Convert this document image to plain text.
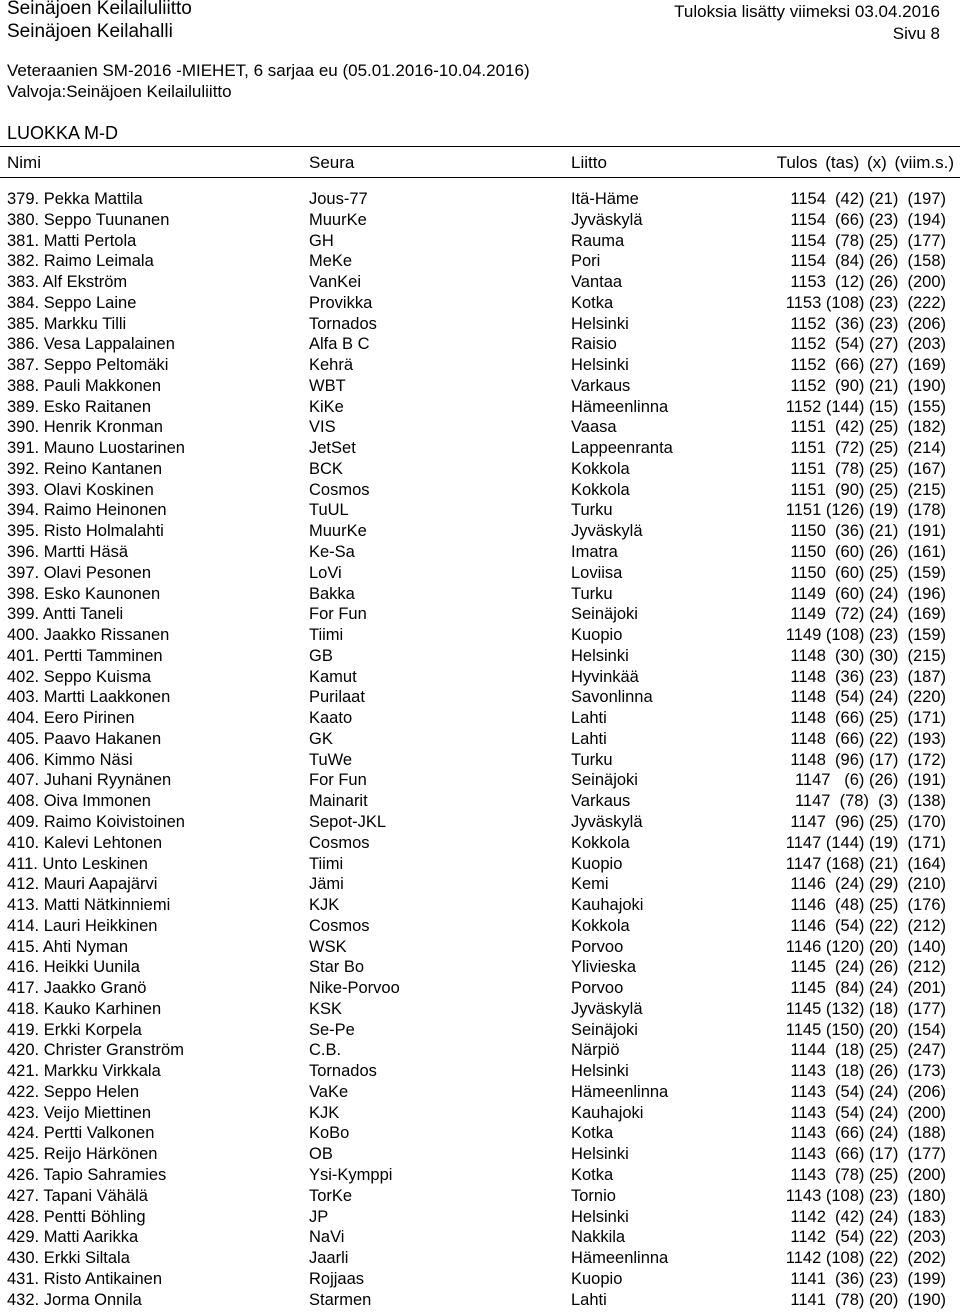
Seinäjoen Keilailuliitto
Seinäjoen Keilahalli
Tuloksia lisätty viimeksi 03.04.2016
Sivu 8
Veteraanien SM-2016 -MIEHET, 6 sarjaa eu (05.01.2016-10.04.2016)
Valvoja:Seinäjoen Keilailuliitto
LUOKKA M-D
Nimi	Seura	Liitto	Tulos (tas) (x) (viim.s.)
379. Pekka Mattila	Jous-77	Itä-Häme	1154  (42) (21)  (197)
380. Seppo Tuunanen	MuurKe	Jyväskylä	1154  (66) (23)  (194)
381. Matti Pertola	GH	Rauma	1154  (78) (25)  (177)
382. Raimo Leimala	MeKe	Pori	1154  (84) (26)  (158)
383. Alf Ekström	VanKei	Vantaa	1153  (12) (26)  (200)
384. Seppo Laine	Provikka	Kotka	1153 (108) (23)  (222)
385. Markku Tilli	Tornados	Helsinki	1152  (36) (23)  (206)
386. Vesa Lappalainen	Alfa B C	Raisio	1152  (54) (27)  (203)
387. Seppo Peltomäki	Kehrä	Helsinki	1152  (66) (27)  (169)
388. Pauli Makkonen	WBT	Varkaus	1152  (90) (21)  (190)
389. Esko Raitanen	KiKe	Hämeenlinna	1152 (144) (15)  (155)
390. Henrik Kronman	VIS	Vaasa	1151  (42) (25)  (182)
391. Mauno Luostarinen	JetSet	Lappeenranta	1151  (72) (25)  (214)
392. Reino Kantanen	BCK	Kokkola	1151  (78) (25)  (167)
393. Olavi Koskinen	Cosmos	Kokkola	1151  (90) (25)  (215)
394. Raimo Heinonen	TuUL	Turku	1151 (126) (19)  (178)
395. Risto Holmalahti	MuurKe	Jyväskylä	1150  (36) (21)  (191)
396. Martti Häsä	Ke-Sa	Imatra	1150  (60) (26)  (161)
397. Olavi Pesonen	LoVi	Loviisa	1150  (60) (25)  (159)
398. Esko Kaunonen	Bakka	Turku	1149  (60) (24)  (196)
399. Antti Taneli	For Fun	Seinäjoki	1149  (72) (24)  (169)
400. Jaakko Rissanen	Tiimi	Kuopio	1149 (108) (23)  (159)
401. Pertti Tamminen	GB	Helsinki	1148  (30) (30)  (215)
402. Seppo Kuisma	Kamut	Hyvinkää	1148  (36) (23)  (187)
403. Martti Laakkonen	Purilaat	Savonlinna	1148  (54) (24)  (220)
404. Eero Pirinen	Kaato	Lahti	1148  (66) (25)  (171)
405. Paavo Hakanen	GK	Lahti	1148  (66) (22)  (193)
406. Kimmo Näsi	TuWe	Turku	1148  (96) (17)  (172)
407. Juhani Ryynänen	For Fun	Seinäjoki	1147   (6) (26)  (191)
408. Oiva Immonen	Mainarit	Varkaus	1147  (78)  (3)  (138)
409. Raimo Koivistoinen	Sepot-JKL	Jyväskylä	1147  (96) (25)  (170)
410. Kalevi Lehtonen	Cosmos	Kokkola	1147 (144) (19)  (171)
411. Unto Leskinen	Tiimi	Kuopio	1147 (168) (21)  (164)
412. Mauri Aapajärvi	Jämi	Kemi	1146  (24) (29)  (210)
413. Matti Nätkinniemi	KJK	Kauhajoki	1146  (48) (25)  (176)
414. Lauri Heikkinen	Cosmos	Kokkola	1146  (54) (22)  (212)
415. Ahti Nyman	WSK	Porvoo	1146 (120) (20)  (140)
416. Heikki Uunila	Star Bo	Ylivieska	1145  (24) (26)  (212)
417. Jaakko Granö	Nike-Porvoo	Porvoo	1145  (84) (24)  (201)
418. Kauko Karhinen	KSK	Jyväskylä	1145 (132) (18)  (177)
419. Erkki Korpela	Se-Pe	Seinäjoki	1145 (150) (20)  (154)
420. Christer Granström	C.B.	Närpiö	1144  (18) (25)  (247)
421. Markku Virkkala	Tornados	Helsinki	1143  (18) (26)  (173)
422. Seppo Helen	VaKe	Hämeenlinna	1143  (54) (24)  (206)
423. Veijo Miettinen	KJK	Kauhajoki	1143  (54) (24)  (200)
424. Pertti Valkonen	KoBo	Kotka	1143  (66) (24)  (188)
425. Reijo Härkönen	OB	Helsinki	1143  (66) (17)  (177)
426. Tapio Sahramies	Ysi-Kymppi	Kotka	1143  (78) (25)  (200)
427. Tapani Vähälä	TorKe	Tornio	1143 (108) (23)  (180)
428. Pentti Böhling	JP	Helsinki	1142  (42) (24)  (183)
429. Matti Aarikka	NaVi	Nakkila	1142  (54) (22)  (203)
430. Erkki Siltala	Jaarli	Hämeenlinna	1142 (108) (22)  (202)
431. Risto Antikainen	Rojjaas	Kuopio	1141  (36) (23)  (199)
432. Jorma Onnila	Starmen	Lahti	1141  (78) (20)  (190)
